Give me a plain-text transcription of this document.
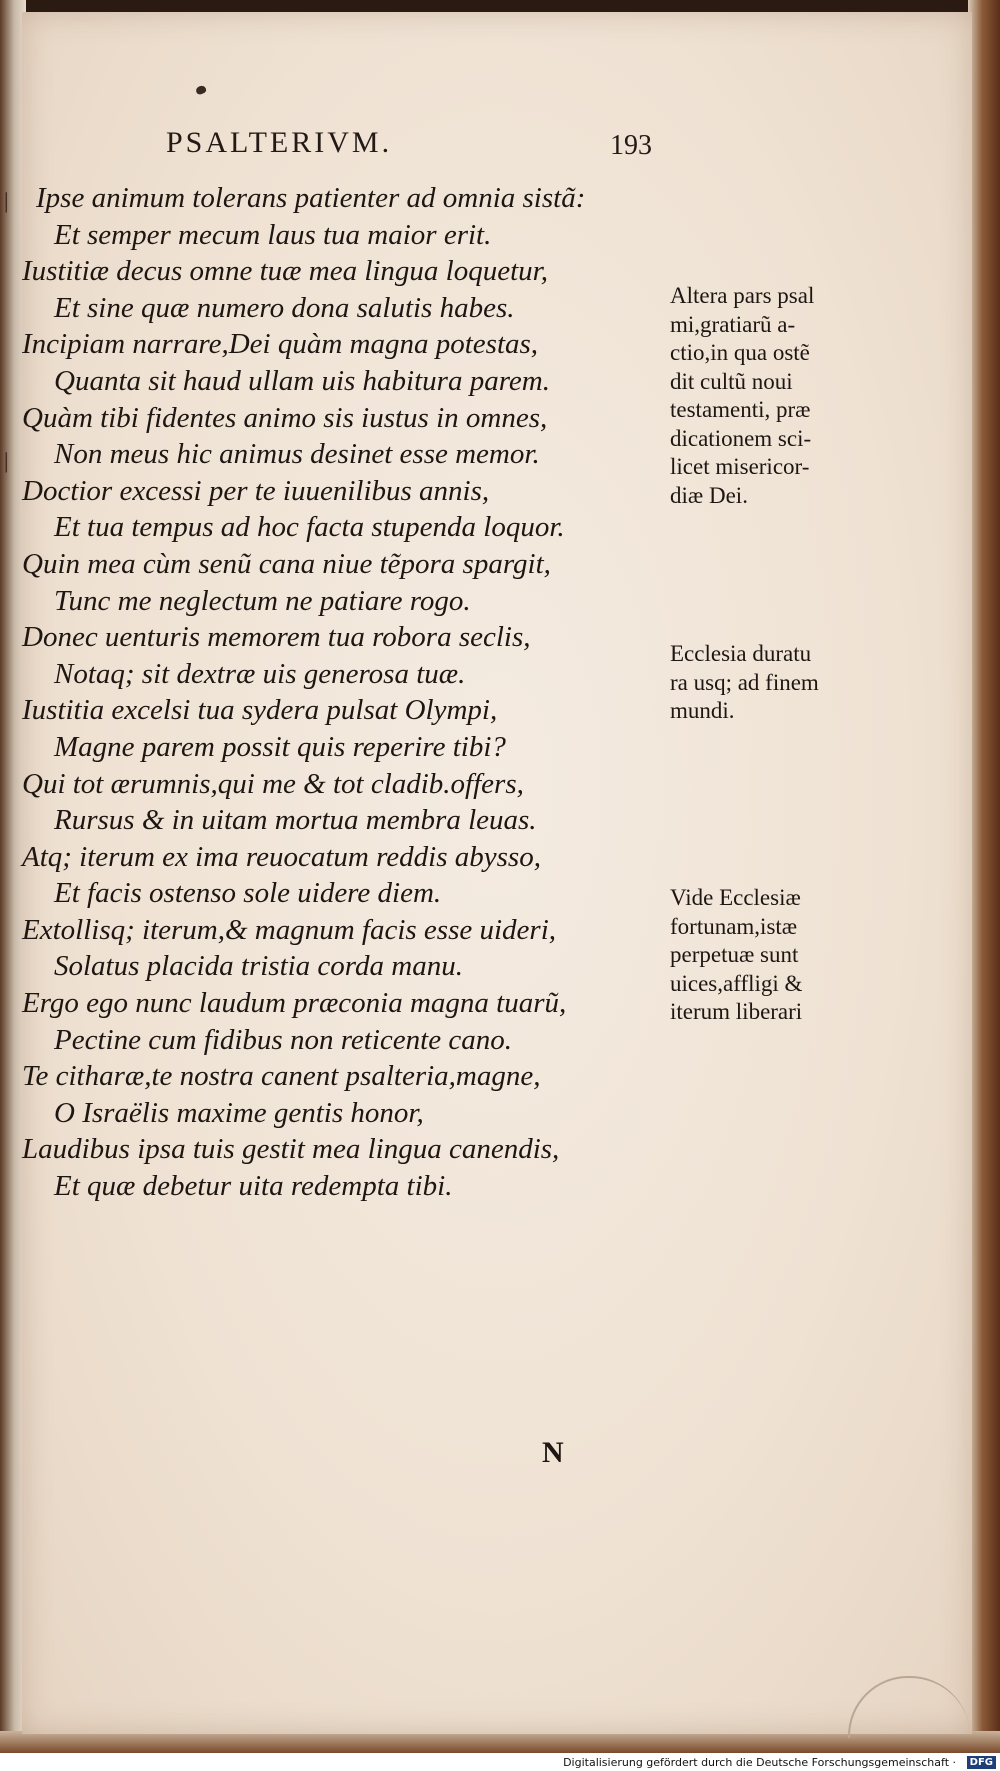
PSALTERIVM.	193
|
|
Ipse animum tolerans patienter ad omnia sistã:
Et semper mecum laus tua maior erit.
Iustitiæ decus omne tuæ mea lingua loquetur,
Et sine quæ numero dona salutis habes.
Incipiam narrare,Dei quàm magna potestas,
Quanta sit haud ullam uis habitura parem.
Quàm tibi fidentes animo sis iustus in omnes,
Non meus hic animus desinet esse memor.
Doctior excessi per te iuuenilibus annis,
Et tua tempus ad hoc facta stupenda loquor.
Quin mea cùm senũ cana niue tẽpora spargit,
Tunc me neglectum ne patiare rogo.
Donec uenturis memorem tua robora seclis,
Notaq; sit dextræ uis generosa tuæ.
Iustitia excelsi tua sydera pulsat Olympi,
Magne parem possit quis reperire tibi?
Qui tot ærumnis,qui me & tot cladib.offers,
Rursus & in uitam mortua membra leuas.
Atq; iterum ex ima reuocatum reddis abysso,
Et facis ostenso sole uidere diem.
Extollisq; iterum,& magnum facis esse uideri,
Solatus placida tristia corda manu.
Ergo ego nunc laudum præconia magna tuarũ,
Pectine cum fidibus non reticente cano.
Te citharæ,te nostra canent psalteria,magne,
O Israëlis maxime gentis honor,
Laudibus ipsa tuis gestit mea lingua canendis,
Et quæ debetur uita redempta tibi.

Altera pars psal

mi,gratiarũ a-

ctio,in qua ostẽ

dit cultũ noui

testamenti, præ

dicationem sci-

licet misericor-

diæ Dei.

Ecclesia duratu

ra usq; ad finem

mundi.

Vide Ecclesiæ

fortunam,istæ

perpetuæ sunt

uices,affligi &

iterum liberari

N
Digitalisierung gefördert durch die Deutsche Forschungsgemeinschaft ·	DFG
